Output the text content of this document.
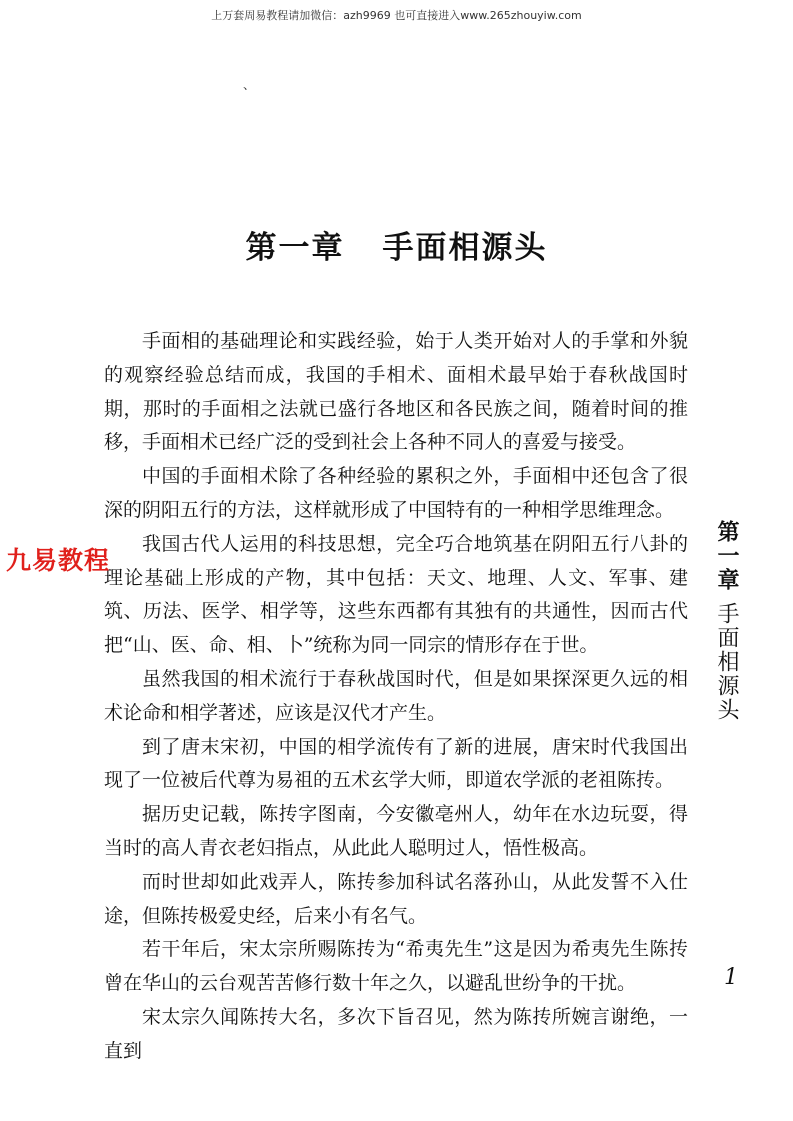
上万套周易教程请加微信：azh9969 也可直接进入www.265zhouyiw.com
、
第一章 手面相源头

手面相的基础理论和实践经验，始于人类开始对人的手掌和外貌的观察经验总结而成，我国的手相术、面相术最早始于春秋战国时期，那时的手面相之法就已盛行各地区和各民族之间，随着时间的推移，手面相术已经广泛的受到社会上各种不同人的喜爱与接受。

中国的手面相术除了各种经验的累积之外，手面相中还包含了很深的阴阳五行的方法，这样就形成了中国特有的一种相学思维理念。

我国古代人运用的科技思想，完全巧合地筑基在阴阳五行八卦的理论基础上形成的产物，其中包括：天文、地理、人文、军事、建筑、历法、医学、相学等，这些东西都有其独有的共通性，因而古代把“山、医、命、相、卜”统称为同一同宗的情形存在于世。

虽然我国的相术流行于春秋战国时代，但是如果探深更久远的相术论命和相学著述，应该是汉代才产生。

到了唐末宋初，中国的相学流传有了新的进展，唐宋时代我国出现了一位被后代尊为易祖的五术玄学大师，即道农学派的老祖陈抟。

据历史记载，陈抟字图南，今安徽亳州人，幼年在水边玩耍，得当时的高人青衣老妇指点，从此此人聪明过人，悟性极高。

而时世却如此戏弄人，陈抟参加科试名落孙山，从此发誓不入仕途，但陈抟极爱史经，后来小有名气。

若干年后，宋太宗所赐陈抟为“希夷先生”这是因为希夷先生陈抟曾在华山的云台观苦苦修行数十年之久，以避乱世纷争的干扰。

宋太宗久闻陈抟大名，多次下旨召见，然为陈抟所婉言谢绝，一直到

第一章手面相源头
1
九易教程
